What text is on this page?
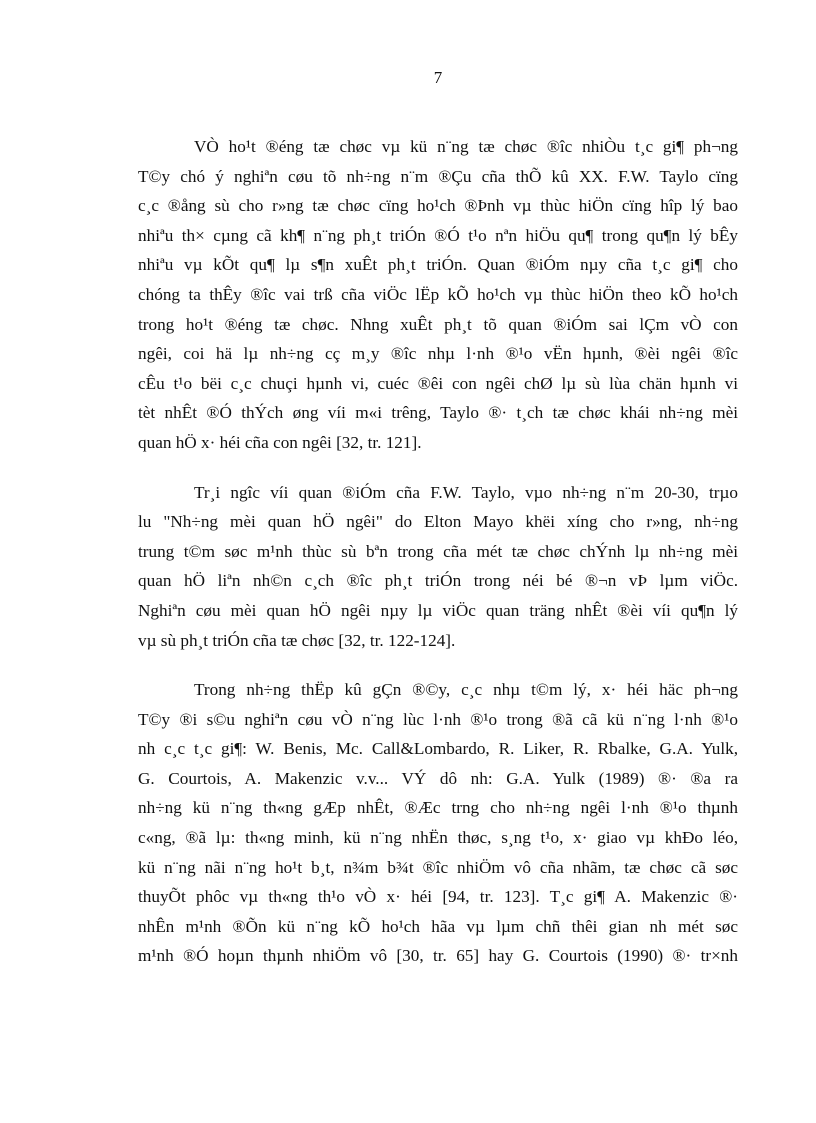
7
VÒ ho¹t ®éng tæ chøc vµ kü n¨ng tæ chøc ®îc nhiÒu t¸c gi¶ ph¬ng
T©y chó ý nghiªn cøu tõ nh÷ng n¨m ®Çu cña thÕ kû XX. F.W. Taylo cïng
c¸c ®ång sù cho r»ng tæ chøc cïng ho¹ch ®Þnh vµ thùc hiÖn cïng hîp lý bao
nhiªu th× cµng cã kh¶ n¨ng ph¸t triÓn ®Ó t¹o nªn hiÖu qu¶ trong qu¶n lý bÊy
nhiªu vµ kÕt qu¶ lµ s¶n xuÊt ph¸t triÓn. Quan ®iÓm nµy cña t¸c gi¶ cho
chóng ta thÊy ®îc vai trß cña viÖc lËp kÕ ho¹ch vµ thùc hiÖn theo kÕ ho¹ch
trong ho¹t ®éng tæ chøc. Nhng xuÊt ph¸t tõ quan ®iÓm sai lÇm vÒ con
ngêi, coi hä lµ nh÷ng cç m¸y ®îc nhµ l·nh ®¹o vËn hµnh, ®èi ngêi ®îc
cÊu t¹o bëi c¸c chuçi hµnh vi, cuéc ®êi con ngêi chØ lµ sù lùa chän hµnh vi
tèt nhÊt ®Ó thÝch øng víi m«i trêng, Taylo ®· t¸ch tæ chøc khái nh÷ng mèi
quan hÖ x· héi cña con ngêi [32, tr. 121].
Tr¸i ngîc víi quan ®iÓm cña F.W. Taylo, vµo nh÷ng n¨m 20-30, trµo
lu "Nh÷ng mèi quan hÖ ngêi" do Elton Mayo khëi xíng cho r»ng, nh÷ng
trung t©m søc m¹nh thùc sù bªn trong cña mét tæ chøc chÝnh lµ nh÷ng mèi
quan hÖ liªn nh©n c¸ch ®îc ph¸t triÓn trong néi bé ®¬n vÞ lµm viÖc.
Nghiªn cøu mèi quan hÖ ngêi nµy lµ viÖc quan träng nhÊt ®èi víi qu¶n lý
vµ sù ph¸t triÓn cña tæ chøc [32, tr. 122-124].
Trong nh÷ng thËp kû gÇn ®©y, c¸c nhµ t©m lý, x· héi häc ph¬ng
T©y ®i s©u nghiªn cøu vÒ n¨ng lùc l·nh ®¹o trong ®ã cã kü n¨ng l·nh ®¹o
nh c¸c t¸c gi¶: W. Benis, Mc. Call&Lombardo, R. Liker, R. Rbalke, G.A. Yulk,
G. Courtois, A. Makenzic v.v... VÝ dô nh: G.A. Yulk (1989) ®· ®a ra
nh÷ng kü n¨ng th«ng gÆp nhÊt, ®Æc trng cho nh÷ng ngêi l·nh ®¹o thµnh
c«ng, ®ã lµ: th«ng minh, kü n¨ng nhËn thøc, s¸ng t¹o, x· giao vµ khÐo léo,
kü n¨ng nãi n¨ng ho¹t b¸t, n¾m b¾t ®îc nhiÖm vô cña nhãm, tæ chøc cã søc
thuyÕt phôc vµ th«ng th¹o vÒ x· héi [94, tr. 123]. T¸c gi¶ A. Makenzic ®·
nhÊn m¹nh ®Õn kü n¨ng kÕ ho¹ch hãa vµ lµm chñ thêi gian nh mét søc
m¹nh ®Ó hoµn thµnh nhiÖm vô [30, tr. 65] hay G. Courtois (1990) ®· tr×nh
